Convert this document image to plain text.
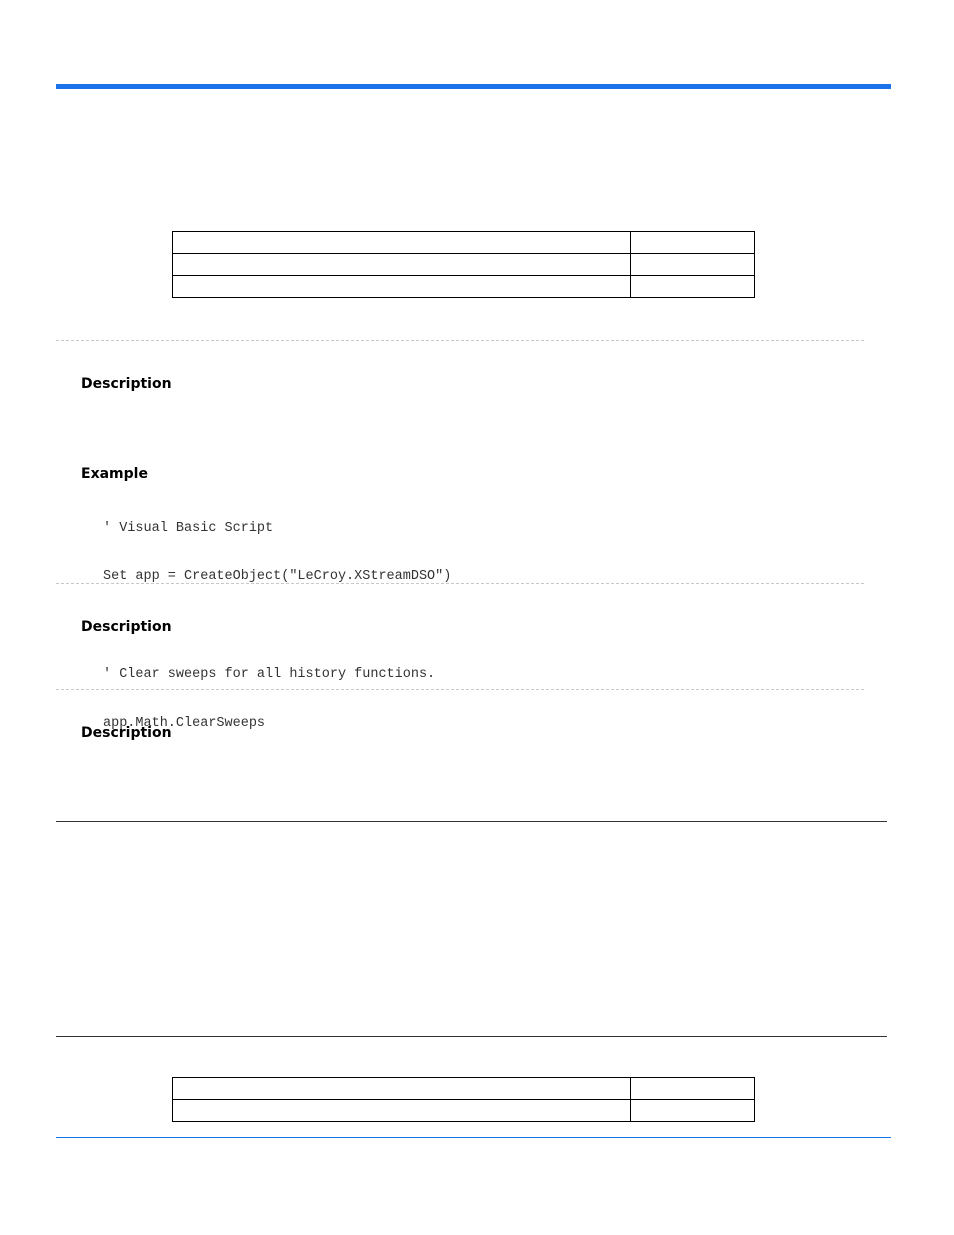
Description
Example

' Visual Basic Script

Set app = CreateObject("LeCroy.XStreamDSO")

' Clear sweeps for all history functions.

app.Math.ClearSweeps

Description
Description
